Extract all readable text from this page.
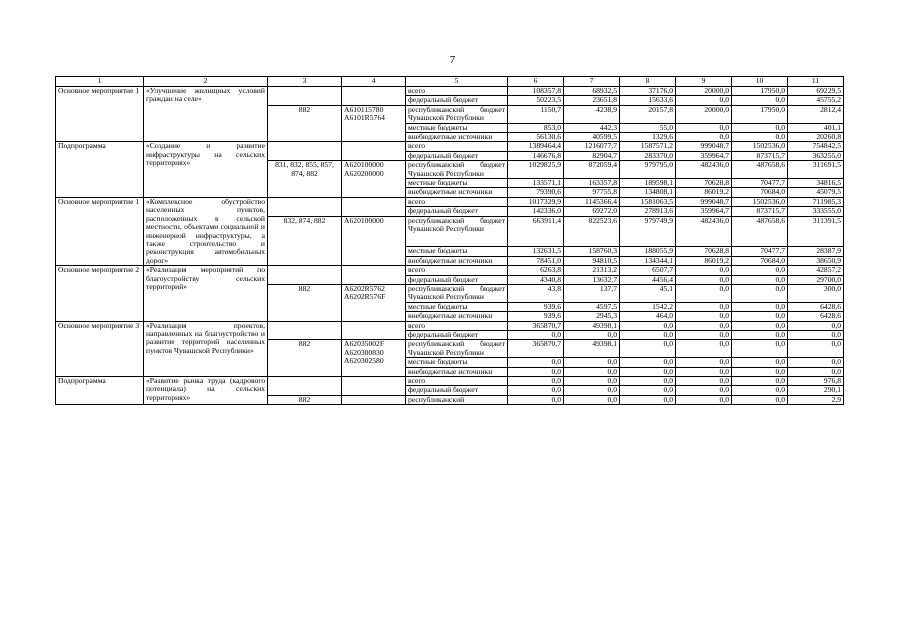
7
1	2	3	4	5	6	7	8	9	10	11
Основное мероприятие 1	«Улучшение жилищных условий граждан на селе»			всего	108357,8	68932,5	37176,0	20000,0	17950,0	69229,5
				федеральный бюджет	50223,5	23651,8	15633,6	0,0	0,0	45755,2
		882	А610115780 А6101R5764	республиканский бюджет Чувашской Республики	1150,7	4238,9	20157,8	20000,0	17950,0	2812,4
				местные бюджеты	853,0	442,3	55,0	0,0	0,0	401,1
				внебюджетные источники	56130,6	40599,5	1329,6	0,0	0,0	20260,8
Подпрограмма	«Создание и развитие инфраструктуры на сельских территориях»			всего	1389464,4	1216077,7	1587571,2	999048,7	1502536,0	754842,5
				федеральный бюджет	146676,8	82904,7	283370,0	359964,7	873715,7	363255,0
		831, 832, 855, 857, 874, 882	А620100000 А620200000	республиканский бюджет Чувашской Республики	1029825,9	872059,4	979795,0	482436,0	487658,6	311691,5
				местные бюджеты	133571,1	163357,8	189598,1	70628,8	70477,7	34816,5
				внебюджетные источники	79390,6	97755,8	134808,1	86019,2	70684,0	45079,5
Основное мероприятие 1	«Комплексное обустройство населенных пунктов, расположенных в сельской местности, объектами социальной и инженерной инфраструктуры, а также строительство и реконструкция автомобильных дорог»			всего	1017329,9	1145366,4	1581063,5	999048,7	1502536,0	711985,3
				федеральный бюджет	142336,0	69272,0	278913,6	359964,7	873715,7	333555,0
		832, 874, 882	А620100000	республиканский бюджет Чувашской Республики	663911,4	822523,6	979749,9	482436,0	487658,6	311391,5
				местные бюджеты	132631,5	158760,3	188055,9	70628,8	70477,7	28387,9
				внебюджетные источники	78451,0	94810,5	134344,1	86019,2	70684,0	38650,9
Основное мероприятие 2	«Реализация мероприятий по благоустройству сельских территорий»			всего	6263,8	21313,2	6507,7	0,0	0,0	42857,2
				федеральный бюджет	4340,8	13632,7	4456,4	0,0	0,0	29700,0
		882	А6202R5762 А6202R576F	республиканский бюджет Чувашской Республики	43,8	137,7	45,1	0,0	0,0	300,0
				местные бюджеты	939,6	4597,5	1542,2	0,0	0,0	6428,6
				внебюджетные источники	939,6	2945,3	464,0	0,0	0,0	6428,6
Основное мероприятие 3	«Реализация проектов, направленных на благоустройство и развитие территорий населенных пунктов Чувашской Республики»			всего	365870,7	49398,1	0,0	0,0	0,0	0,0
				федеральный бюджет	0,0	0,0	0,0	0,0	0,0	0,0
		882	А62035002F А620300830 А620302580	республиканский бюджет Чувашской Республики	365870,7	49398,1	0,0	0,0	0,0	0,0
				местные бюджеты	0,0	0,0	0,0	0,0	0,0	0,0
				внебюджетные источники	0,0	0,0	0,0	0,0	0,0	0,0
Подпрограмма	«Развитие рынка труда (кадрового потенциала) на сельских территориях»			всего	0,0	0,0	0,0	0,0	0,0	976,8
				федеральный бюджет	0,0	0,0	0,0	0,0	0,0	290,1
		882		республиканский	0,0	0,0	0,0	0,0	0,0	2,9
